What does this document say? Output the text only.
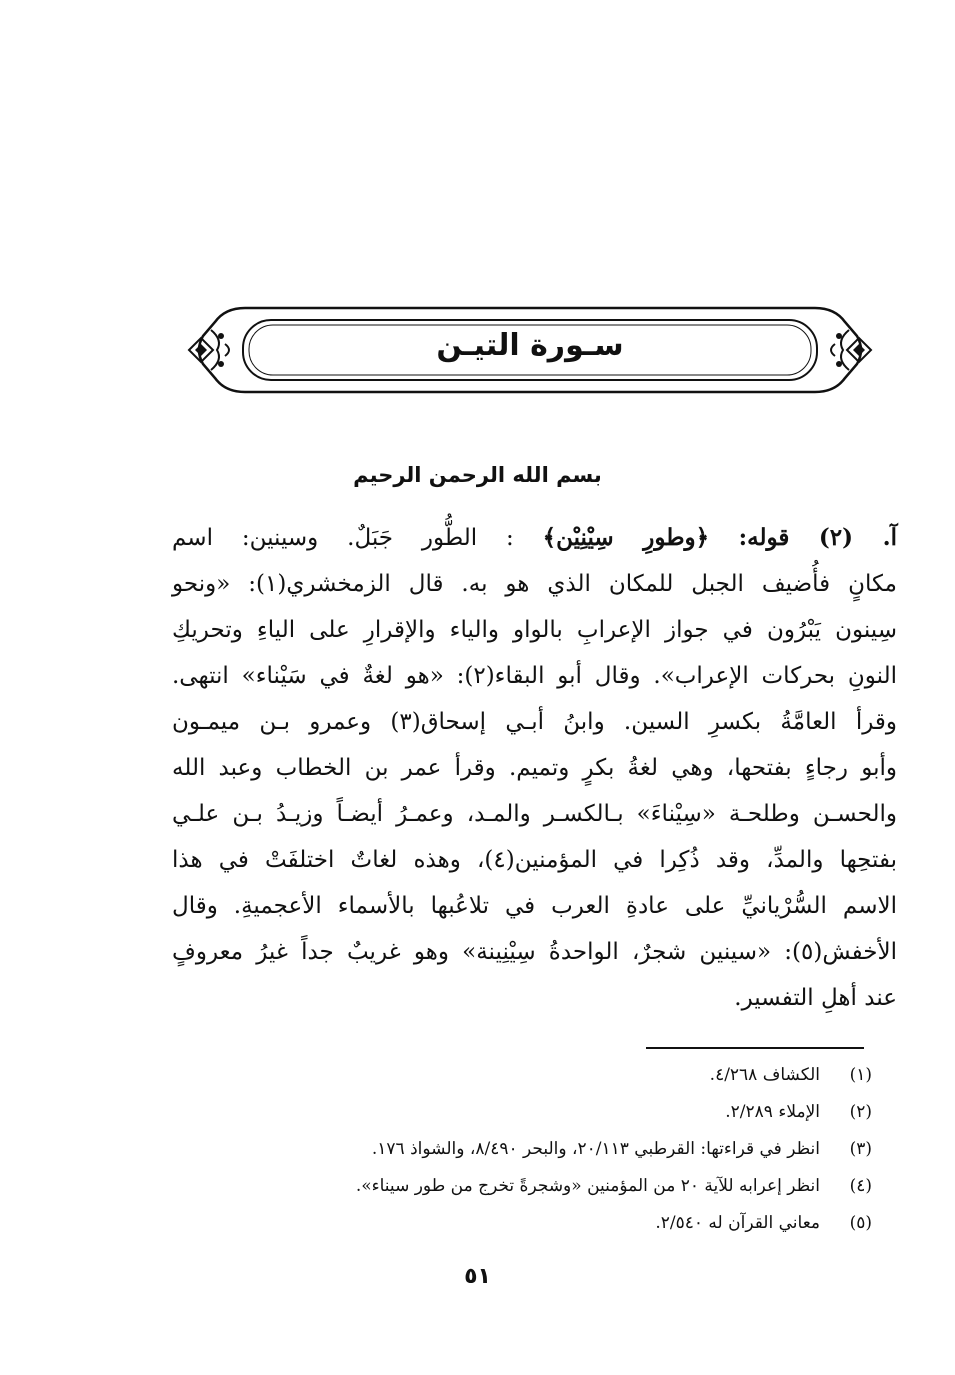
سـورة التيـن
بسم الله الرحمن الرحيم
آ. (٢) قوله: ﴿وطورِ سِيْنِيْن﴾ : الطُّور جَبَلٌ. وسينين: اسم
مكانٍ فأُضيف الجبل للمكان الذي هو به. قال الزمخشري(١): «ونحو
سِينون يَبْرُون في جواز الإعرابِ بالواو والياء والإقرارِ على الياءِ وتحريكِ
النونِ بحركات الإعراب». وقال أبو البقاء(٢): «هو لغةٌ في سَيْناء» انتهى.
وقرأ العامَّةُ بكسرِ السين. وابنُ أبـي إسحاق(٣) وعمرو بـن ميمـون
وأبو رجاءٍ بفتحها، وهي لغةُ بكرٍ وتميم. وقرأ عمر بن الخطاب وعبد الله
والحسـن وطلحـة «سِيْناءَ» بـالكسـر والمـد، وعمـرُ أيضـاً وزيـدُ بـن علـي
بفتحِها والمدِّ، وقد ذُكِرا في المؤمنين(٤)، وهذه لغاتٌ اختلفَتْ في هذا
الاسم السُّرْيانيِّ على عادةِ العرب في تلاعُبها بالأسماء الأعجميةِ. وقال
الأخفش(٥): «سينين شجرٌ، الواحدةُ سِيْنِينة» وهو غريبٌ جداً غيرُ معروفٍ
عند أهلِ التفسير.
(١)الكشاف ٤/٢٦٨.
(٢)الإملاء ٢/٢٨٩.
(٣)انظر في قراءتها: القرطبي ٢٠/١١٣، والبحر ٨/٤٩٠، والشواذ ١٧٦.
(٤)انظر إعرابه للآية ٢٠ من المؤمنين «وشجرةً تخرج من طور سيناء».
(٥)معاني القرآن له ٢/٥٤٠.
٥١
